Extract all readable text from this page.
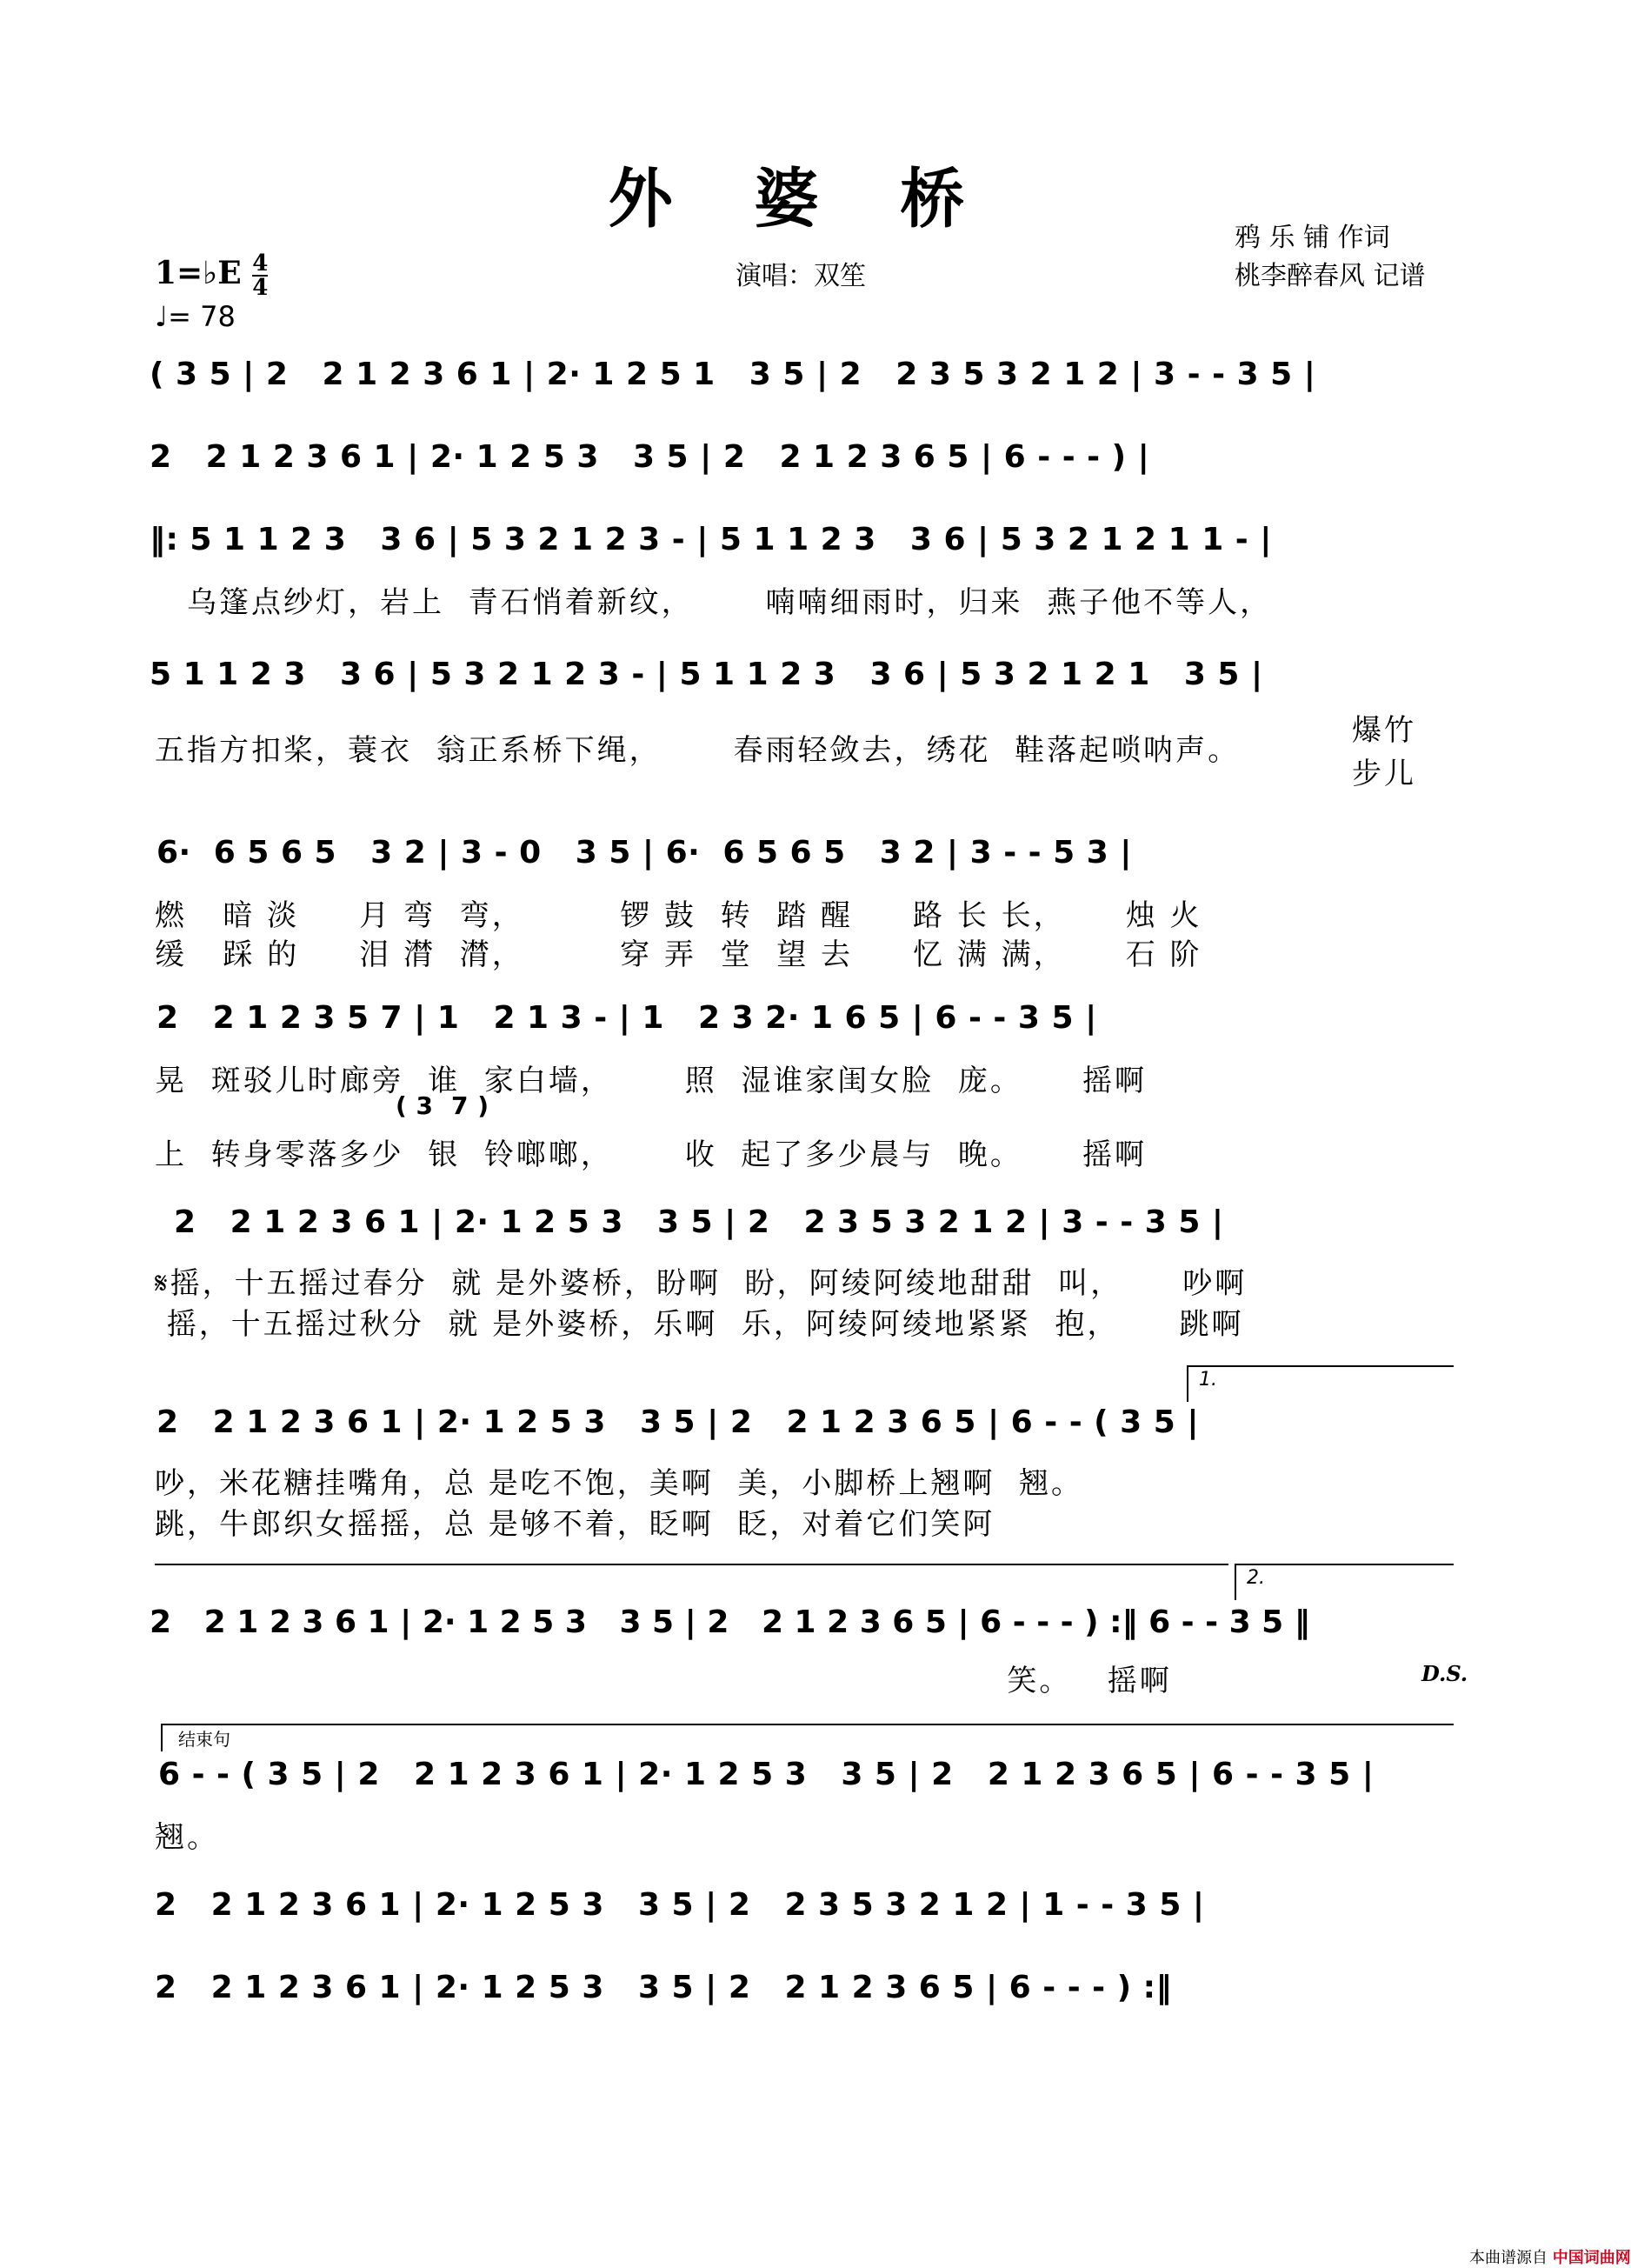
外 婆 桥
鸦 乐 铺 作词
桃李醉春风 记谱
演唱：双笙
1=♭E $\frac{4}{4}$
♩= 78
( 3 5 | 2   2 1 2 3 6 1 | 2· 1 2 5 1   3 5 | 2   2 3 5 3 2 1 2 | 3 - - 3 5 |
2   2 1 2 3 6 1 | 2· 1 2 5 3   3 5 | 2   2 1 2 3 6 5 | 6 - - - ) |
‖: 5 1 1 2 3   3 6 | 5 3 2 1 2 3 - | 5 1 1 2 3   3 6 | 5 3 2 1 2 1 1 - |
乌篷点纱灯，岩上  青石悄着新纹，      喃喃细雨时，归来  燕子他不等人，
5 1 1 2 3   3 6 | 5 3 2 1 2 3 - | 5 1 1 2 3   3 6 | 5 3 2 1 2 1   3 5 |
五指方扣桨，蓑衣  翁正系桥下绳，      春雨轻敛去，绣花  鞋落起唢呐声。
爆竹
步儿
6·  6 5 6 5   3 2 | 3 - 0   3 5 | 6·  6 5 6 5   3 2 | 3 - - 5 3 |
燃   暗 淡     月 弯  弯，        锣 鼓  转  踏 醒     路 长 长，     烛 火
缓   踩 的     泪 潸  潸，        穿 弄  堂  望 去     忆 满 满，     石 阶
2   2 1 2 3 5 7 | 1   2 1 3 - | 1   2 3 2· 1 6 5 | 6 - - 3 5 |
晃  斑驳儿时廊旁  谁  家白墙，      照  湿谁家闺女脸  庞。     摇啊
( 3  7 )
上  转身零落多少  银  铃啷啷，      收  起了多少晨与  晚。     摇啊
2   2 1 2 3 6 1 | 2· 1 2 5 3   3 5 | 2   2 3 5 3 2 1 2 | 3 - - 3 5 |
𝄋摇，十五摇过春分  就 是外婆桥，盼啊  盼，阿绫阿绫地甜甜  叫，     吵啊
摇，十五摇过秋分  就 是外婆桥，乐啊  乐，阿绫阿绫地紧紧  抱，     跳啊
1.
2   2 1 2 3 6 1 | 2· 1 2 5 3   3 5 | 2   2 1 2 3 6 5 | 6 - - ( 3 5 |
吵，米花糖挂嘴角，总 是吃不饱，美啊  美，小脚桥上翘啊  翘。
跳，牛郎织女摇摇，总 是够不着，眨啊  眨，对着它们笑阿
2.
2   2 1 2 3 6 1 | 2· 1 2 5 3   3 5 | 2   2 1 2 3 6 5 | 6 - - - ) :‖ 6 - - 3 5 ‖
笑。   摇啊	D.S.
结束句
6 - - ( 3 5 | 2   2 1 2 3 6 1 | 2· 1 2 5 3   3 5 | 2   2 1 2 3 6 5 | 6 - - 3 5 |
翘。
2   2 1 2 3 6 1 | 2· 1 2 5 3   3 5 | 2   2 3 5 3 2 1 2 | 1 - - 3 5 |
2   2 1 2 3 6 1 | 2· 1 2 5 3   3 5 | 2   2 1 2 3 6 5 | 6 - - - ) :‖
本曲谱源自 中国词曲网
